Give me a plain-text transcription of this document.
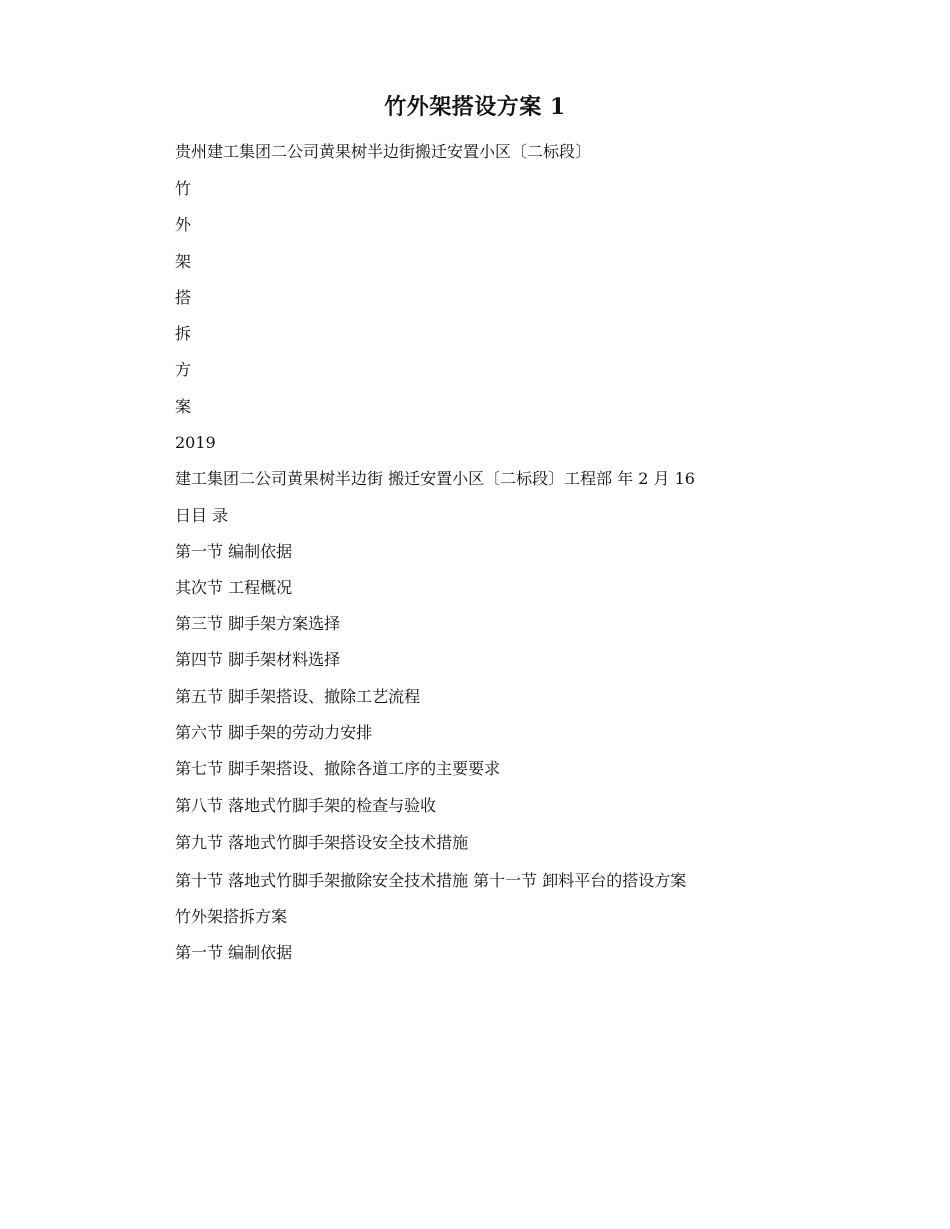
竹外架搭设方案 1
贵州建工集团二公司黄果树半边街搬迁安置小区〔二标段〕
竹
外
架
搭
拆
方
案
2019
建工集团二公司黄果树半边街 搬迁安置小区〔二标段〕工程部 年 2 月 16
日目 录
第一节 编制依据
其次节 工程概况
第三节 脚手架方案选择
第四节 脚手架材料选择
第五节 脚手架搭设、撤除工艺流程
第六节 脚手架的劳动力安排
第七节 脚手架搭设、撤除各道工序的主要要求
第八节 落地式竹脚手架的检查与验收
第九节 落地式竹脚手架搭设安全技术措施
第十节 落地式竹脚手架撤除安全技术措施 第十一节 卸料平台的搭设方案
竹外架搭拆方案
第一节 编制依据
